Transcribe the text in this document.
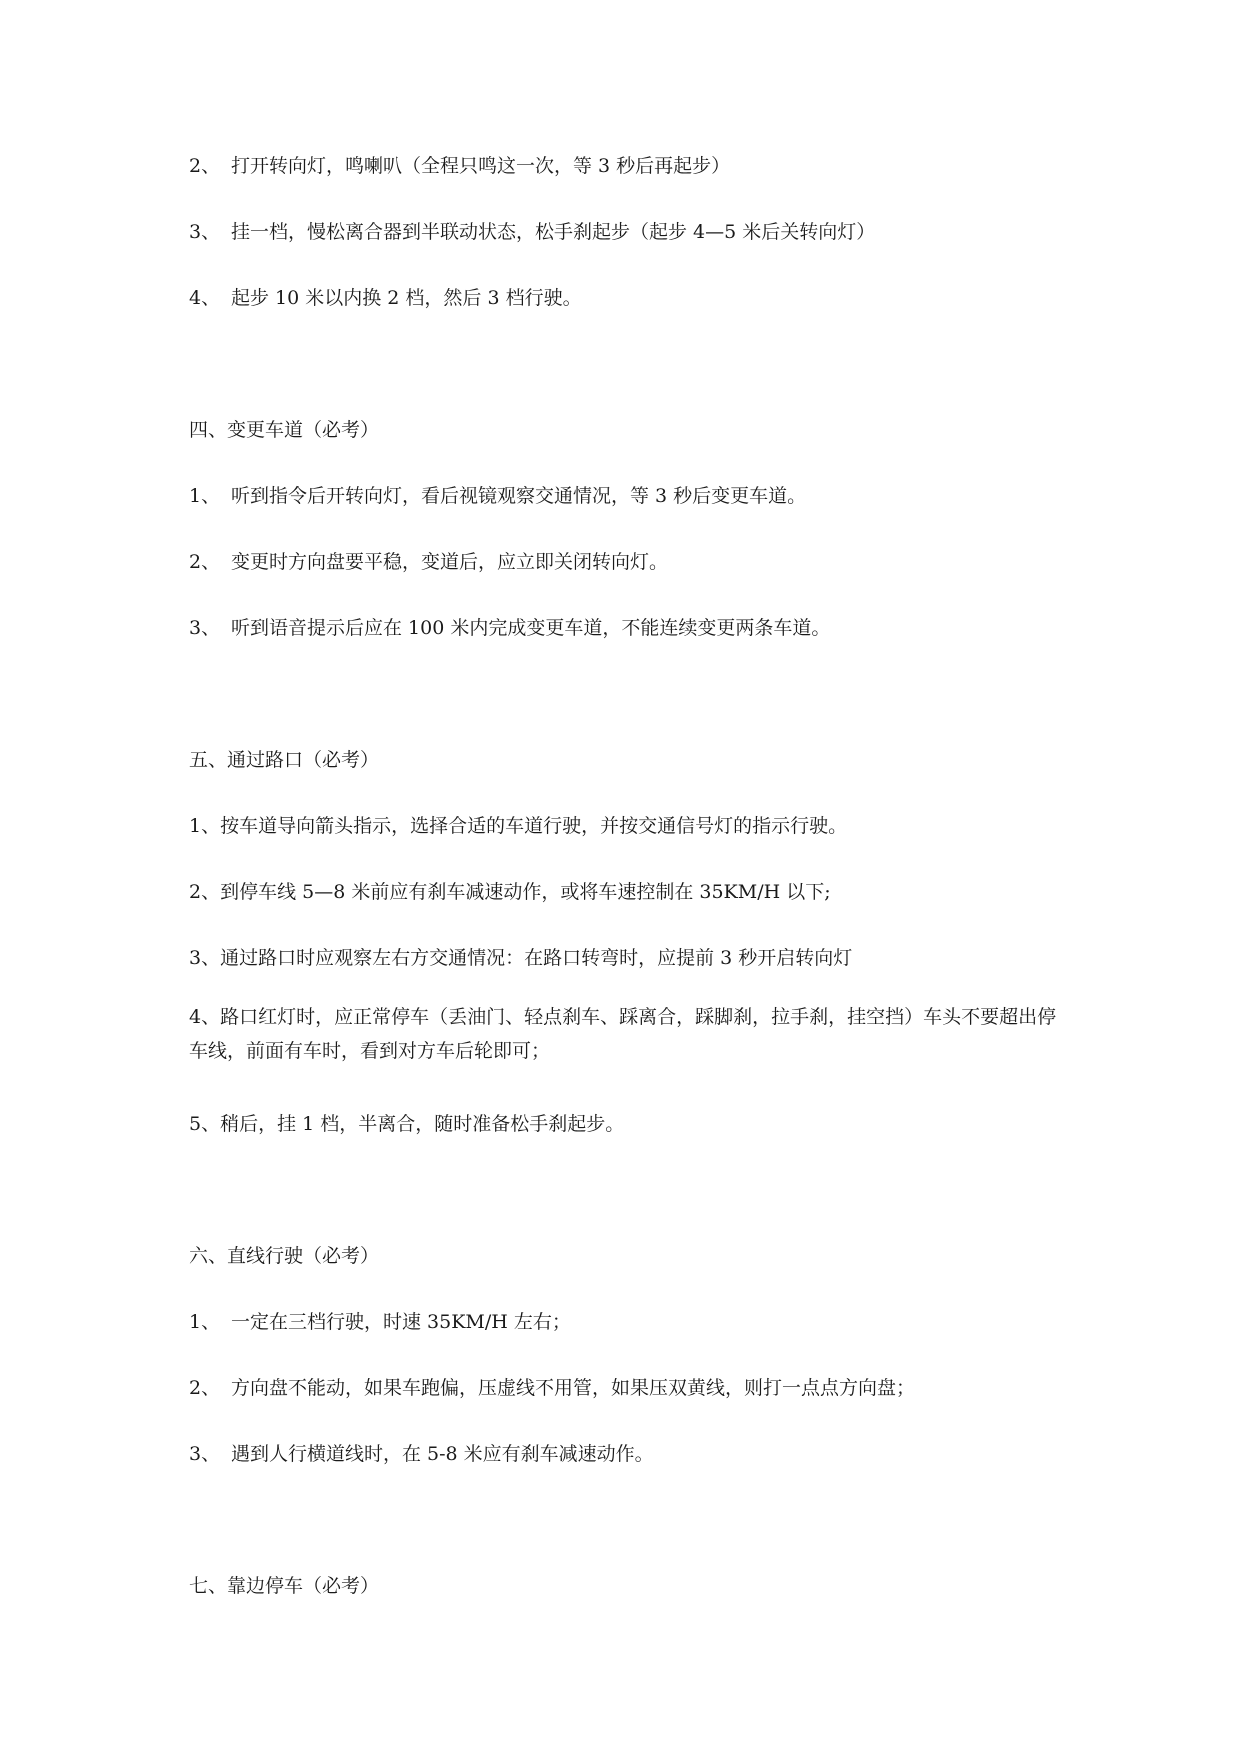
2、 打开转向灯，鸣喇叭（全程只鸣这一次，等 3 秒后再起步）

3、 挂一档，慢松离合器到半联动状态，松手刹起步（起步 4—5 米后关转向灯）

4、 起步 10 米以内换 2 档，然后 3 档行驶。

四、变更车道（必考）

1、 听到指令后开转向灯，看后视镜观察交通情况，等 3 秒后变更车道。

2、 变更时方向盘要平稳，变道后，应立即关闭转向灯。

3、 听到语音提示后应在 100 米内完成变更车道，不能连续变更两条车道。

五、通过路口（必考）

1、按车道导向箭头指示，选择合适的车道行驶，并按交通信号灯的指示行驶。

2、到停车线 5—8 米前应有刹车减速动作，或将车速控制在 35KM/H 以下;

3、通过路口时应观察左右方交通情况：在路口转弯时，应提前 3 秒开启转向灯

4、路口红灯时，应正常停车（丢油门、轻点刹车、踩离合，踩脚刹，拉手刹，挂空挡）车头不要超出停车线，前面有车时，看到对方车后轮即可；

5、稍后，挂 1 档，半离合，随时准备松手刹起步。

六、直线行驶（必考）

1、 一定在三档行驶，时速 35KM/H 左右；

2、 方向盘不能动，如果车跑偏，压虚线不用管，如果压双黄线，则打一点点方向盘；

3、 遇到人行横道线时，在 5-8 米应有刹车减速动作。

七、靠边停车（必考）
